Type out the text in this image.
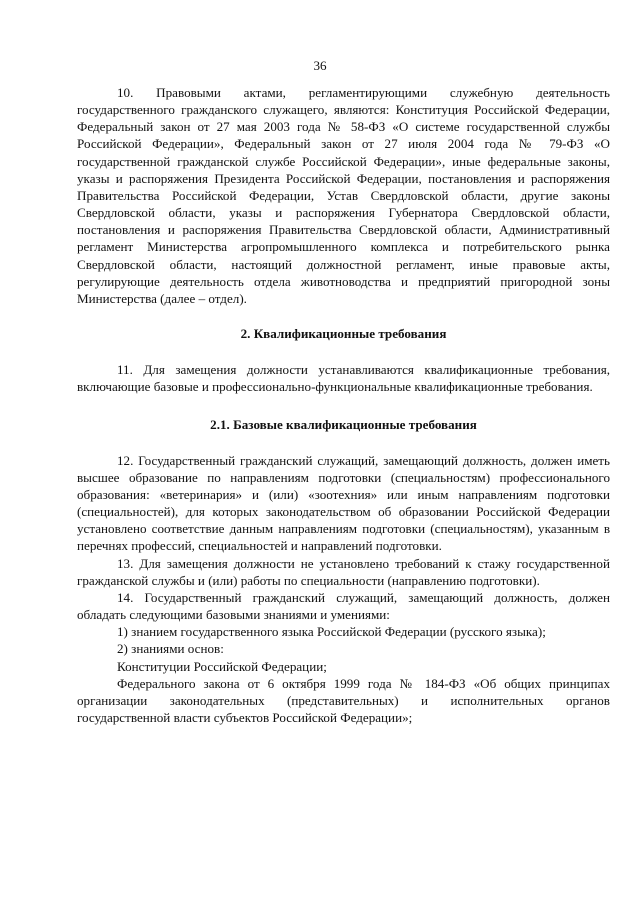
36

10. Правовыми актами, регламентирующими служебную деятельность государственного гражданского служащего, являются: Конституция Российской Федерации, Федеральный закон от 27 мая 2003 года № 58-ФЗ «О системе государственной службы Российской Федерации», Федеральный закон от 27 июля 2004 года № 79-ФЗ «О государственной гражданской службе Российской Федерации», иные федеральные законы, указы и распоряжения Президента Российской Федерации, постановления и распоряжения Правительства Российской Федерации, Устав Свердловской области, другие законы Свердловской области, указы и распоряжения Губернатора Свердловской области, постановления и распоряжения Правительства Свердловской области, Административный регламент Министерства агропромышленного комплекса и потребительского рынка Свердловской области, настоящий должностной регламент, иные правовые акты, регулирующие деятельность отдела животноводства и предприятий пригородной зоны Министерства (далее – отдел).

2. Квалификационные требования

11. Для замещения должности устанавливаются квалификационные требования, включающие базовые и профессионально-функциональные квалификационные требования.

2.1. Базовые квалификационные требования

12. Государственный гражданский служащий, замещающий должность, должен иметь высшее образование по направлениям подготовки (специальностям) профессионального образования: «ветеринария» и (или) «зоотехния» или иным направлениям подготовки (специальностей), для которых законодательством об образовании Российской Федерации установлено соответствие данным направлениям подготовки (специальностям), указанным в перечнях профессий, специальностей и направлений подготовки.

13. Для замещения должности не установлено требований к стажу государственной гражданской службы и (или) работы по специальности (направлению подготовки).

14. Государственный гражданский служащий, замещающий должность, должен обладать следующими базовыми знаниями и умениями:

1) знанием государственного языка Российской Федерации (русского языка);

2) знаниями основ:

Конституции Российской Федерации;

Федерального закона от 6 октября 1999 года № 184-ФЗ «Об общих принципах организации законодательных (представительных) и исполнительных органов государственной власти субъектов Российской Федерации»;
